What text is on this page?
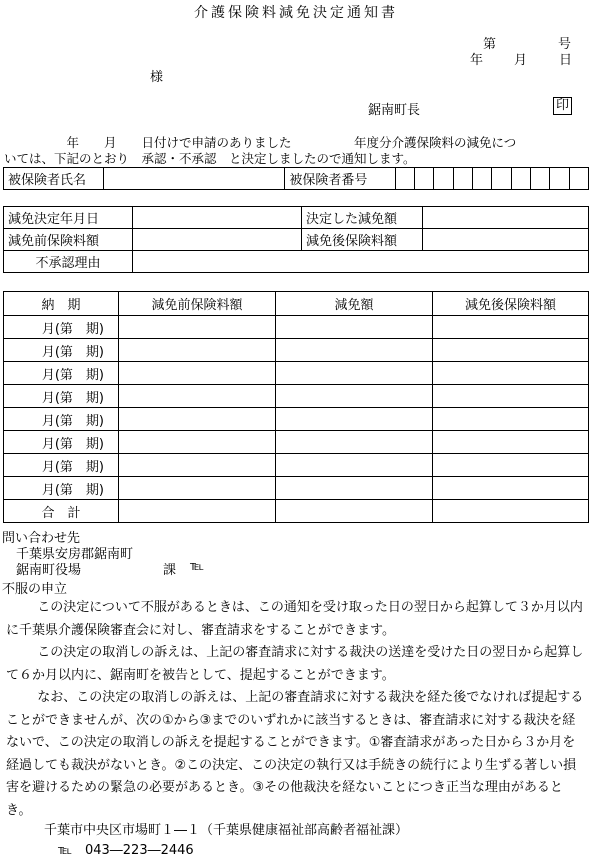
介護保険料減免決定通知書
第	号
年 月 日
様
鋸南町長	印
　　　　　年　　月　　日付けで申請のありました　　　　　年度分介護保険料の減免につ
いては、下記のとおり　承認・不承認　と決定しましたので通知します。
被保険者氏名		被保険者番号	
減免決定年月日		決定した減免額	
減免前保険料額		減免後保険料額	
不承認理由			
納　期	減免前保険料額	減免額	減免後保険料額
月(第　期)			
月(第　期)			
月(第　期)			
月(第　期)			
月(第　期)			
月(第　期)			
月(第　期)			
月(第　期)			
合　計			
問い合わせ先
千葉県安房郡鋸南町
鋸南町役場	課 ℡
不服の申立
この決定について不服があるときは、この通知を受け取った日の翌日から起算して３か月以内に千葉県介護保険審査会に対し、審査請求をすることができます。
この決定の取消しの訴えは、上記の審査請求に対する裁決の送達を受けた日の翌日から起算して６か月以内に、鋸南町を被告として、提起することができます。
なお、この決定の取消しの訴えは、上記の審査請求に対する裁決を経た後でなければ提起することができませんが、次の①から③までのいずれかに該当するときは、審査請求に対する裁決を経ないで、この決定の取消しの訴えを提起することができます。①審査請求があった日から３か月を経過しても裁決がないとき。②この決定、この決定の執行又は手続きの続行により生ずる著しい損害を避けるための緊急の必要があるとき。③その他裁決を経ないことにつき正当な理由があるとき。
千葉市中央区市場町１―１（千葉県健康福祉部高齢者福祉課）
℡　043―223―2446
